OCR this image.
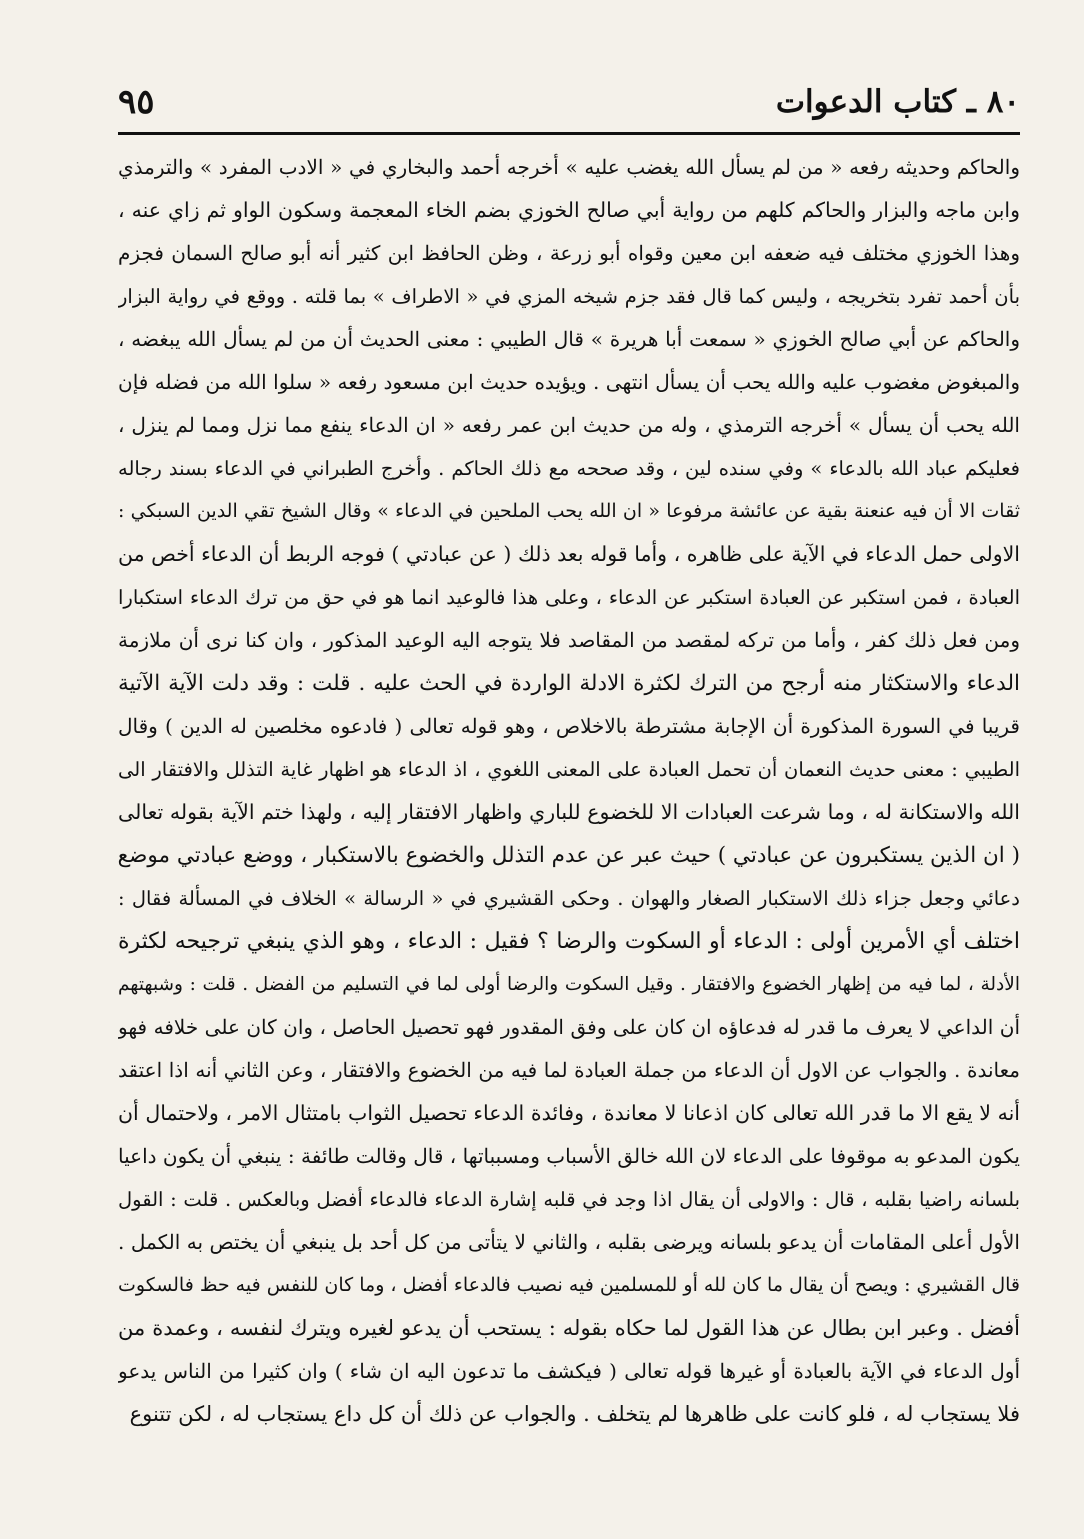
٨٠ ـ كتاب الدعوات
٩٥
والحاكم وحديثه رفعه « من لم يسأل الله يغضب عليه » أخرجه أحمد والبخاري في « الادب المفرد » والترمذي
وابن ماجه والبزار والحاكم كلهم من رواية أبي صالح الخوزي بضم الخاء المعجمة وسكون الواو ثم زاي عنه ،
وهذا الخوزي مختلف فيه ضعفه ابن معين وقواه أبو زرعة ، وظن الحافظ ابن كثير أنه أبو صالح السمان فجزم
بأن أحمد تفرد بتخريجه ، وليس كما قال فقد جزم شيخه المزي في « الاطراف » بما قلته . ووقع في رواية البزار
والحاكم عن أبي صالح الخوزي « سمعت أبا هريرة » قال الطيبي : معنى الحديث أن من لم يسأل الله يبغضه ،
والمبغوض مغضوب عليه والله يحب أن يسأل انتهى . ويؤيده حديث ابن مسعود رفعه « سلوا الله من فضله فإن
الله يحب أن يسأل » أخرجه الترمذي ، وله من حديث ابن عمر رفعه « ان الدعاء ينفع مما نزل ومما لم ينزل ،
فعليكم عباد الله بالدعاء » وفي سنده لين ، وقد صححه مع ذلك الحاكم . وأخرج الطبراني في الدعاء بسند رجاله
ثقات الا أن فيه عنعنة بقية عن عائشة مرفوعا « ان الله يحب الملحين في الدعاء » وقال الشيخ تقي الدين السبكي :
الاولى حمل الدعاء في الآية على ظاهره ، وأما قوله بعد ذلك ( عن عبادتي ) فوجه الربط أن الدعاء أخص من
العبادة ، فمن استكبر عن العبادة استكبر عن الدعاء ، وعلى هذا فالوعيد انما هو في حق من ترك الدعاء استكبارا
ومن فعل ذلك كفر ، وأما من تركه لمقصد من المقاصد فلا يتوجه اليه الوعيد المذكور ، وان كنا نرى أن ملازمة
الدعاء والاستكثار منه أرجح من الترك لكثرة الادلة الواردة في الحث عليه . قلت : وقد دلت الآية الآتية
قريبا في السورة المذكورة أن الإجابة مشترطة بالاخلاص ، وهو قوله تعالى ( فادعوه مخلصين له الدين ) وقال
الطيبي : معنى حديث النعمان أن تحمل العبادة على المعنى اللغوي ، اذ الدعاء هو اظهار غاية التذلل والافتقار الى
الله والاستكانة له ، وما شرعت العبادات الا للخضوع للباري واظهار الافتقار إليه ، ولهذا ختم الآية بقوله تعالى
( ان الذين يستكبرون عن عبادتي ) حيث عبر عن عدم التذلل والخضوع بالاستكبار ، ووضع عبادتي موضع
دعائي وجعل جزاء ذلك الاستكبار الصغار والهوان . وحكى القشيري في « الرسالة » الخلاف في المسألة فقال :
اختلف أي الأمرين أولى : الدعاء أو السكوت والرضا ؟ فقيل : الدعاء ، وهو الذي ينبغي ترجيحه لكثرة
الأدلة ، لما فيه من إظهار الخضوع والافتقار . وقيل السكوت والرضا أولى لما في التسليم من الفضل . قلت : وشبهتهم
أن الداعي لا يعرف ما قدر له فدعاؤه ان كان على وفق المقدور فهو تحصيل الحاصل ، وان كان على خلافه فهو
معاندة . والجواب عن الاول أن الدعاء من جملة العبادة لما فيه من الخضوع والافتقار ، وعن الثاني أنه اذا اعتقد
أنه لا يقع الا ما قدر الله تعالى كان اذعانا لا معاندة ، وفائدة الدعاء تحصيل الثواب بامتثال الامر ، ولاحتمال أن
يكون المدعو به موقوفا على الدعاء لان الله خالق الأسباب ومسبباتها ، قال وقالت طائفة : ينبغي أن يكون داعيا
بلسانه راضيا بقلبه ، قال : والاولى أن يقال اذا وجد في قلبه إشارة الدعاء فالدعاء أفضل وبالعكس . قلت : القول
الأول أعلى المقامات أن يدعو بلسانه ويرضى بقلبه ، والثاني لا يتأتى من كل أحد بل ينبغي أن يختص به الكمل .
قال القشيري : ويصح أن يقال ما كان لله أو للمسلمين فيه نصيب فالدعاء أفضل ، وما كان للنفس فيه حظ فالسكوت
أفضل . وعبر ابن بطال عن هذا القول لما حكاه بقوله : يستحب أن يدعو لغيره ويترك لنفسه ، وعمدة من
أول الدعاء في الآية بالعبادة أو غيرها قوله تعالى ( فيكشف ما تدعون اليه ان شاء ) وان كثيرا من الناس يدعو
فلا يستجاب له ، فلو كانت على ظاهرها لم يتخلف . والجواب عن ذلك أن كل داع يستجاب له ، لكن تتنوع
